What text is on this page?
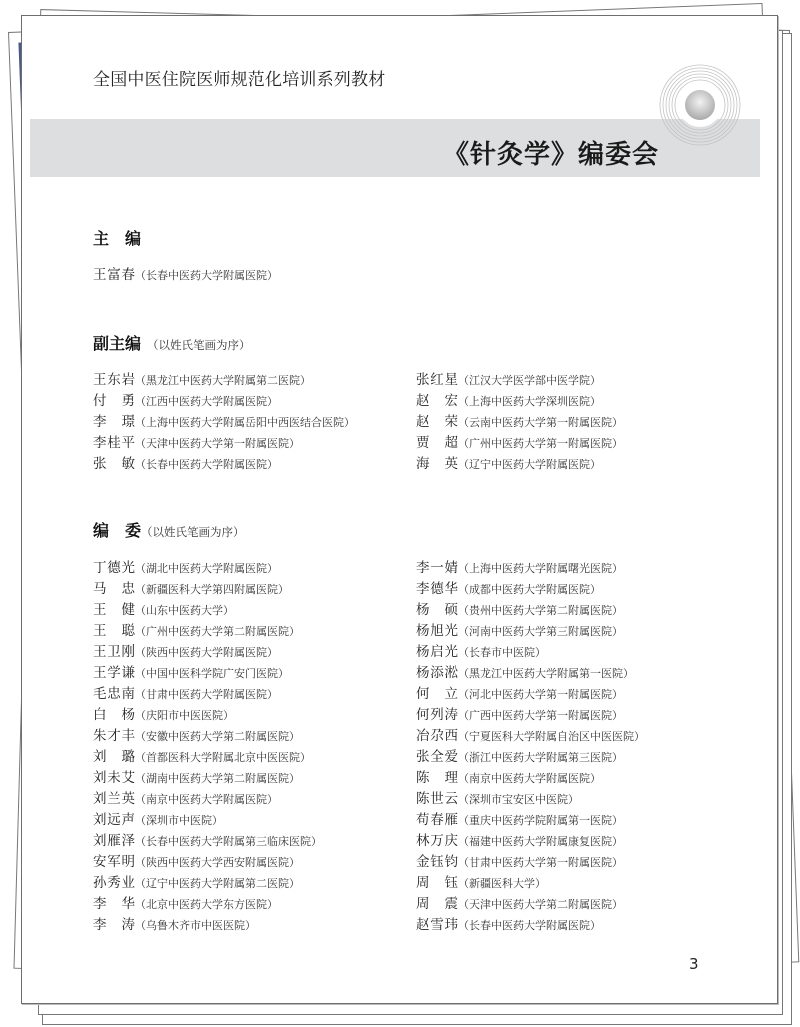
全国中医住院医师规范化培训系列教材
《针灸学》编委会
主　编
王富春（长春中医药大学附属医院）
副主编 （以姓氏笔画为序）
王东岩（黑龙江中医药大学附属第二医院）
付　勇（江西中医药大学附属医院）
李　璟（上海中医药大学附属岳阳中西医结合医院）
李桂平（天津中医药大学第一附属医院）
张　敏（长春中医药大学附属医院）
张红星（江汉大学医学部中医学院）
赵　宏（上海中医药大学深圳医院）
赵　荣（云南中医药大学第一附属医院）
贾　超（广州中医药大学第一附属医院）
海　英（辽宁中医药大学附属医院）
编　委（以姓氏笔画为序）
丁德光（湖北中医药大学附属医院）
马　忠（新疆医科大学第四附属医院）
王　健（山东中医药大学）
王　聪（广州中医药大学第二附属医院）
王卫刚（陕西中医药大学附属医院）
王学谦（中国中医科学院广安门医院）
毛忠南（甘肃中医药大学附属医院）
白　杨（庆阳市中医医院）
朱才丰（安徽中医药大学第二附属医院）
刘　璐（首都医科大学附属北京中医医院）
刘未艾（湖南中医药大学第二附属医院）
刘兰英（南京中医药大学附属医院）
刘远声（深圳市中医院）
刘雁泽（长春中医药大学附属第三临床医院）
安军明（陕西中医药大学西安附属医院）
孙秀业（辽宁中医药大学附属第二医院）
李　华（北京中医药大学东方医院）
李　涛（乌鲁木齐市中医医院）
李一婧（上海中医药大学附属曙光医院）
李德华（成都中医药大学附属医院）
杨　硕（贵州中医药大学第二附属医院）
杨旭光（河南中医药大学第三附属医院）
杨启光（长春市中医院）
杨添淞（黑龙江中医药大学附属第一医院）
何　立（河北中医药大学第一附属医院）
何列涛（广西中医药大学第一附属医院）
冶尕西（宁夏医科大学附属自治区中医医院）
张全爱（浙江中医药大学附属第三医院）
陈　理（南京中医药大学附属医院）
陈世云（深圳市宝安区中医院）
苟春雁（重庆中医药学院附属第一医院）
林万庆（福建中医药大学附属康复医院）
金钰钧（甘肃中医药大学第一附属医院）
周　钰（新疆医科大学）
周　震（天津中医药大学第二附属医院）
赵雪玮（长春中医药大学附属医院）
3
